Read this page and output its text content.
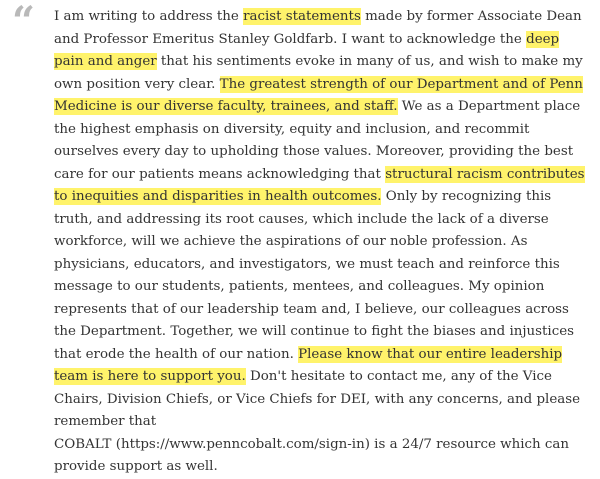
“ I am writing to address the racist statements made by former Associate Dean and Professor Emeritus Stanley Goldfarb. I want to acknowledge the deep pain and anger that his sentiments evoke in many of us, and wish to make my own position very clear. The greatest strength of our Department and of Penn Medicine is our diverse faculty, trainees, and staff. We as a Department place the highest emphasis on diversity, equity and inclusion, and recommit ourselves every day to upholding those values. Moreover, providing the best care for our patients means acknowledging that structural racism contributes to inequities and disparities in health outcomes. Only by recognizing this truth, and addressing its root causes, which include the lack of a diverse workforce, will we achieve the aspirations of our noble profession. As physicians, educators, and investigators, we must teach and reinforce this message to our students, patients, mentees, and colleagues. My opinion represents that of our leadership team and, I believe, our colleagues across the Department. Together, we will continue to fight the biases and injustices that erode the health of our nation. Please know that our entire leadership team is here to support you. Don't hesitate to contact me, any of the Vice Chairs, Division Chiefs, or Vice Chiefs for DEI, with any concerns, and please remember that
COBALT (https://www.penncobalt.com/sign-in) is a 24/7 resource which can provide support as well.
